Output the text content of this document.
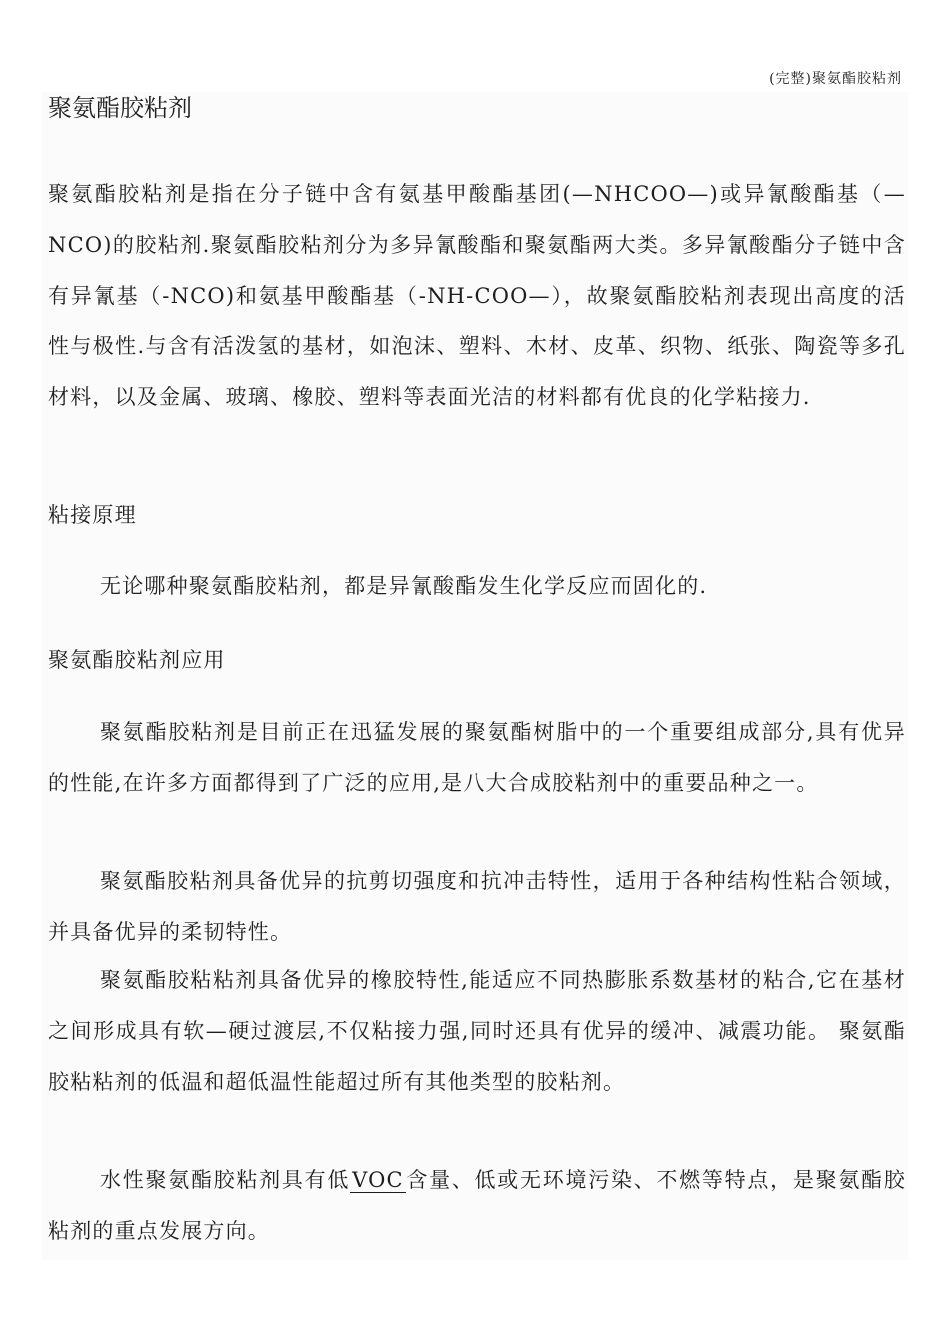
(完整)聚氨酯胶粘剂
聚氨酯胶粘剂

聚氨酯胶粘剂是指在分子链中含有氨基甲酸酯基团(—NHCOO—)或异氰酸酯基（—NCO)的胶粘剂.聚氨酯胶粘剂分为多异氰酸酯和聚氨酯两大类。多异氰酸酯分子链中含有异氰基（-NCO)和氨基甲酸酯基（-NH-COO—），故聚氨酯胶粘剂表现出高度的活性与极性.与含有活泼氢的基材，如泡沫、塑料、木材、皮革、织物、纸张、陶瓷等多孔材料，以及金属、玻璃、橡胶、塑料等表面光洁的材料都有优良的化学粘接力.

粘接原理

无论哪种聚氨酯胶粘剂，都是异氰酸酯发生化学反应而固化的.

聚氨酯胶粘剂应用

聚氨酯胶粘剂是目前正在迅猛发展的聚氨酯树脂中的一个重要组成部分,具有优异的性能,在许多方面都得到了广泛的应用,是八大合成胶粘剂中的重要品种之一。

聚氨酯胶粘剂具备优异的抗剪切强度和抗冲击特性，适用于各种结构性粘合领域，并具备优异的柔韧特性。

聚氨酯胶粘粘剂具备优异的橡胶特性,能适应不同热膨胀系数基材的粘合,它在基材之间形成具有软—硬过渡层,不仅粘接力强,同时还具有优异的缓冲、减震功能。 聚氨酯胶粘粘剂的低温和超低温性能超过所有其他类型的胶粘剂。

水性聚氨酯胶粘剂具有低VOC含量、低或无环境污染、不燃等特点，是聚氨酯胶粘剂的重点发展方向。
